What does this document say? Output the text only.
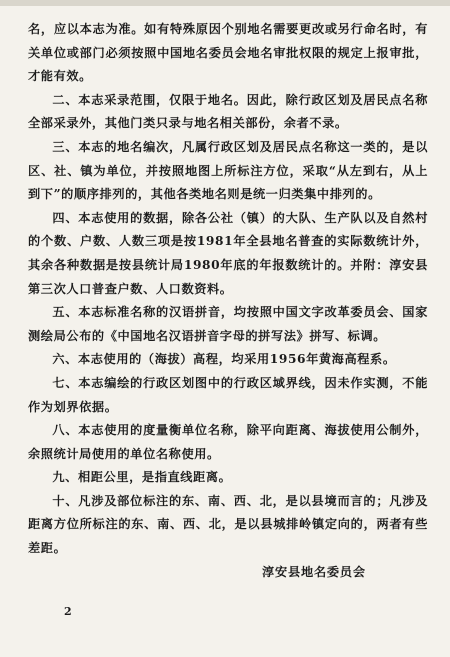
名，应以本志为准。如有特殊原因个别地名需要更改或另行命名时，有关单位或部门必须按照中国地名委员会地名审批权限的规定上报审批，才能有效。

二、本志采录范围，仅限于地名。因此，除行政区划及居民点名称全部采录外，其他门类只录与地名相关部份，余者不录。

三、本志的地名编次，凡属行政区划及居民点名称这一类的，是以区、社、镇为单位，并按照地图上所标注方位，采取“从左到右，从上到下”的顺序排列的，其他各类地名则是统一归类集中排列的。

四、本志使用的数据，除各公社（镇）的大队、生产队以及自然村的个数、户数、人数三项是按1981年全县地名普查的实际数统计外，其余各种数据是按县统计局1980年底的年报数统计的。并附：淳安县第三次人口普查户数、人口数资料。

五、本志标准名称的汉语拼音，均按照中国文字改革委员会、国家测绘局公布的《中国地名汉语拼音字母的拼写法》拼写、标调。

六、本志使用的（海拔）高程，均采用1956年黄海高程系。

七、本志编绘的行政区划图中的行政区域界线，因未作实测，不能作为划界依据。

八、本志使用的度量衡单位名称，除平向距离、海拔使用公制外，余照统计局使用的单位名称使用。

九、相距公里，是指直线距离。

十、凡涉及部位标注的东、南、西、北，是以县境而言的；凡涉及距离方位所标注的东、南、西、北，是以县城排岭镇定向的，两者有些差距。

淳安县地名委员会
2
